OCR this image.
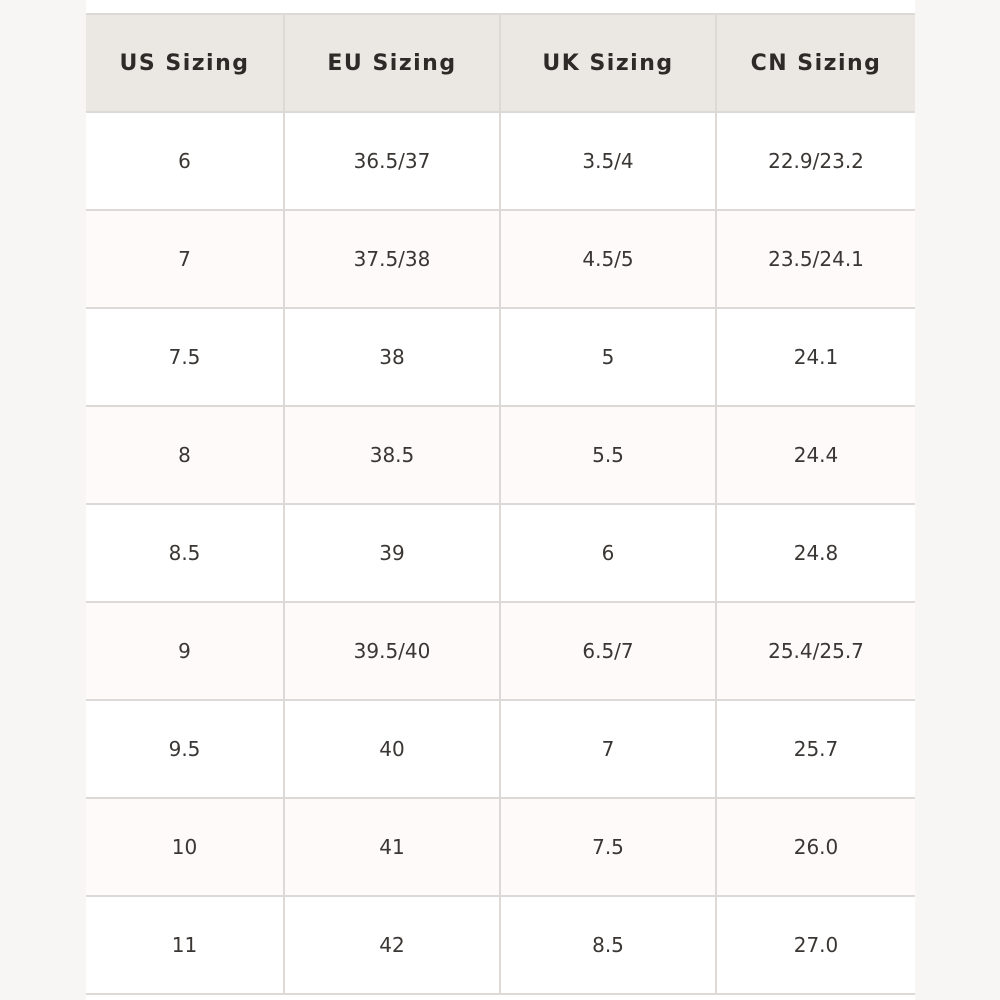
US Sizing	EU Sizing	UK Sizing	CN Sizing
6	36.5/37	3.5/4	22.9/23.2
7	37.5/38	4.5/5	23.5/24.1
7.5	38	5	24.1
8	38.5	5.5	24.4
8.5	39	6	24.8
9	39.5/40	6.5/7	25.4/25.7
9.5	40	7	25.7
10	41	7.5	26.0
11	42	8.5	27.0
